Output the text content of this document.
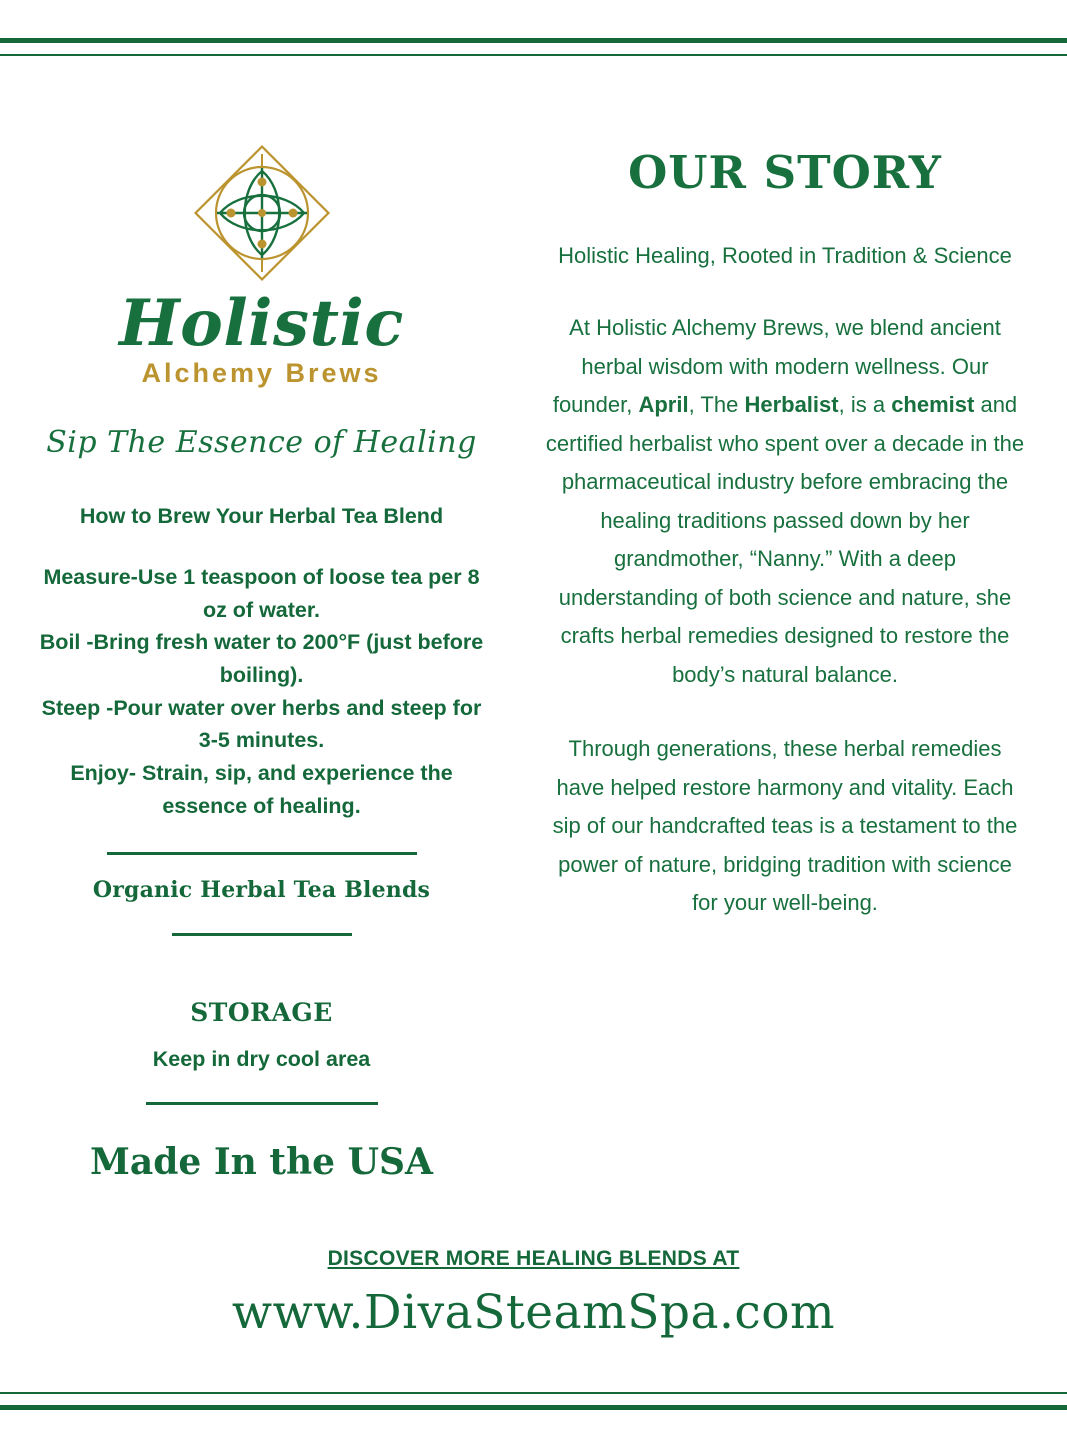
Holistic
Alchemy Brews
Sip The Essence of Healing
How to Brew Your Herbal Tea Blend
Measure-Use 1 teaspoon of loose tea per 8 oz of water.
Boil -Bring fresh water to 200°F (just before boiling).
Steep -Pour water over herbs and steep for 3-5 minutes.
Enjoy- Strain, sip, and experience the essence of healing.
Organic Herbal Tea Blends
STORAGE
Keep in dry cool area
Made In the USA
OUR STORY
Holistic Healing, Rooted in Tradition & Science
At Holistic Alchemy Brews, we blend ancient herbal wisdom with modern wellness. Our founder, April, The Herbalist, is a chemist and certified herbalist who spent over a decade in the pharmaceutical industry before embracing the healing traditions passed down by her grandmother, “Nanny.” With a deep understanding of both science and nature, she crafts herbal remedies designed to restore the body’s natural balance.
Through generations, these herbal remedies have helped restore harmony and vitality. Each sip of our handcrafted teas is a testament to the power of nature, bridging tradition with science for your well-being.
DISCOVER MORE HEALING BLENDS AT
www.DivaSteamSpa.com
